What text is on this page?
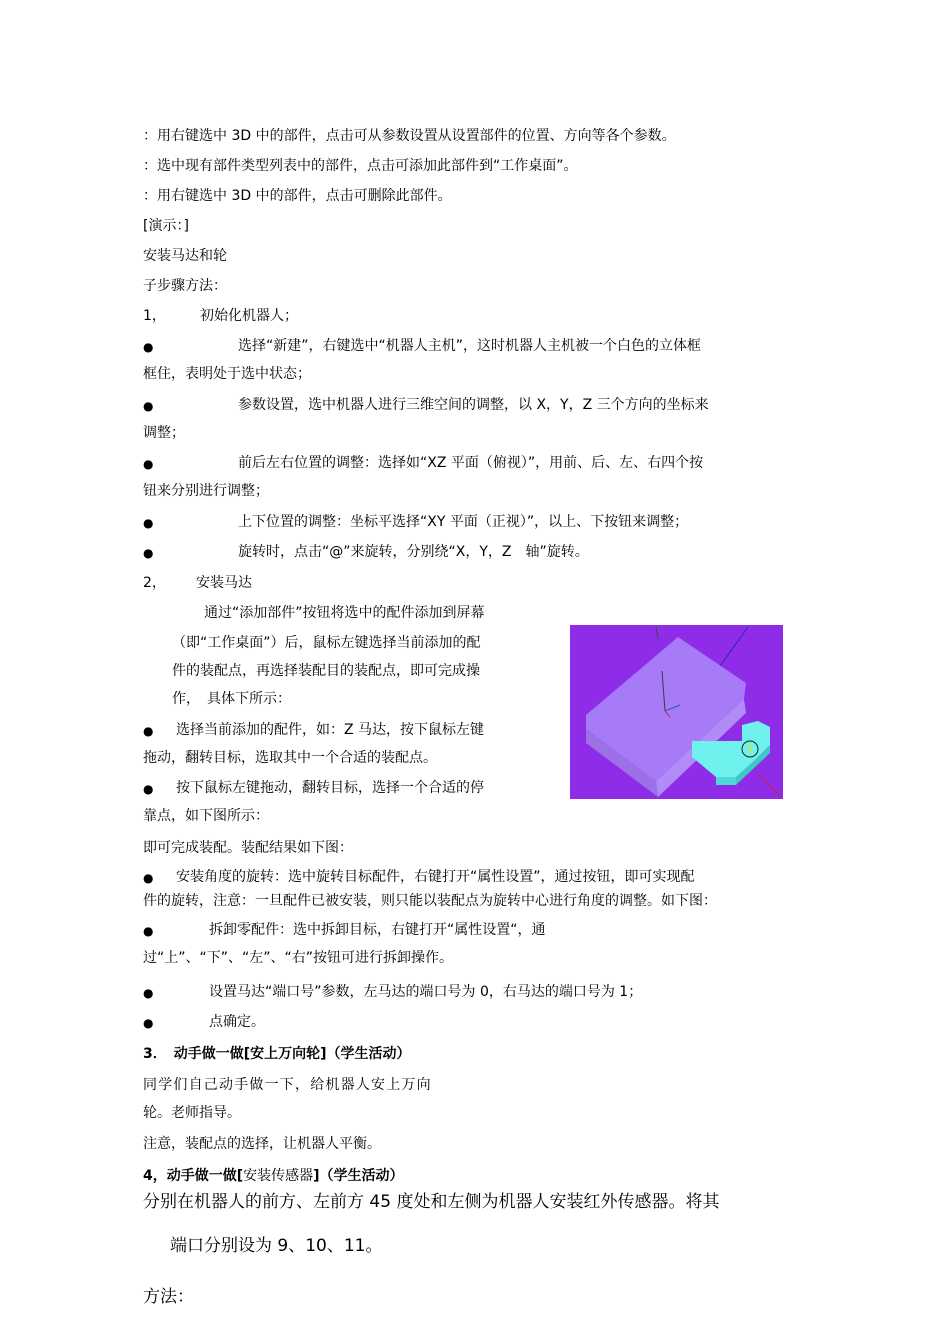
：用右键选中 3D 中的部件，点击可从参数设置从设置部件的位置、方向等各个参数。
：选中现有部件类型列表中的部件，点击可添加此部件到“工作桌面”。
：用右键选中 3D 中的部件，点击可删除此部件。
[演示：]
安装马达和轮
子步骤方法：
1， 初始化机器人；
●	选择“新建”，右键选中“机器人主机”，这时机器人主机被一个白色的立体框
框住，表明处于选中状态；
●	参数设置，选中机器人进行三维空间的调整，以 X，Y，Z 三个方向的坐标来
调整；
●	前后左右位置的调整：选择如“XZ 平面（俯视）”，用前、后、左、右四个按
钮来分别进行调整；
●	上下位置的调整：坐标平选择“XY 平面（正视）”，以上、下按钮来调整；
●	旋转时，点击“@”来旋转，分别绕“X，Y，Z　轴”旋转。
2， 安装马达
通过“添加部件”按钮将选中的配件添加到屏幕
（即“工作桌面”）后，鼠标左键选择当前添加的配
件的装配点，再选择装配目的装配点，即可完成操
作，　具体下所示：
● 选择当前添加的配件，如：Z 马达，按下鼠标左键
拖动，翻转目标，选取其中一个合适的装配点。
● 按下鼠标左键拖动，翻转目标，选择一个合适的停
靠点，如下图所示：
即可完成装配。装配结果如下图：
● 安装角度的旋转：选中旋转目标配件，右键打开“属性设置”，通过按钮，即可实现配
件的旋转，注意：一旦配件已被安装，则只能以装配点为旋转中心进行角度的调整。如下图：
●	拆卸零配件：选中拆卸目标，右键打开“属性设置“，通
过“上”、“下”、“左”、“右”按钮可进行拆卸操作。
●	设置马达“端口号”参数，左马达的端口号为 0，右马达的端口号为 1；
●	点确定。
3．　动手做一做[安上万向轮]（学生活动）
同学们自己动手做一下，给机器人安上万向
轮。老师指导。
注意，装配点的选择，让机器人平衡。
4，动手做一做[安装传感器]（学生活动）
分别在机器人的前方、左前方 45 度处和左侧为机器人安装红外传感器。将其
端口分别设为 9、10、11。
方法：
